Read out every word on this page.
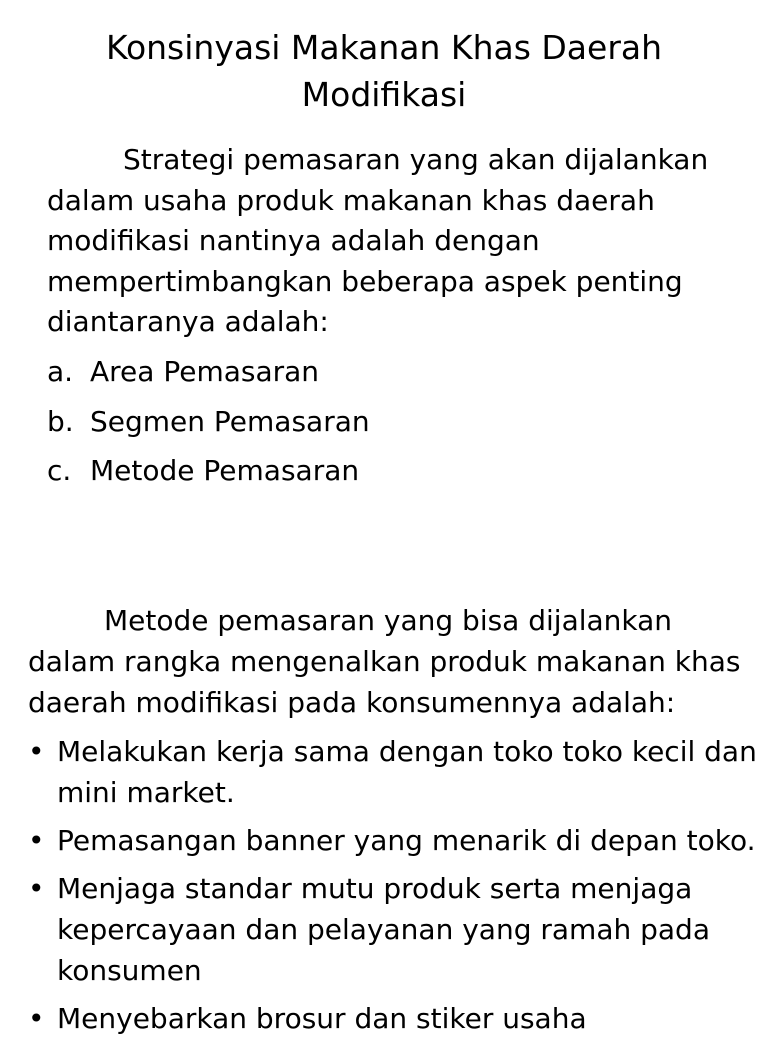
Konsinyasi Makanan Khas Daerah
Modifikasi

Strategi pemasaran yang akan dijalankan dalam usaha produk makanan khas daerah modifikasi nantinya adalah dengan mempertimbangkan beberapa aspek penting diantaranya adalah:

a. Area Pemasaran
b. Segmen Pemasaran
c. Metode Pemasaran

Metode pemasaran yang bisa dijalankan dalam rangka mengenalkan produk makanan khas daerah modifikasi pada konsumennya adalah:

• Melakukan kerja sama dengan toko toko kecil dan mini market.
• Pemasangan banner yang menarik di depan toko.
• Menjaga standar mutu produk serta menjaga kepercayaan dan pelayanan yang ramah pada konsumen
• Menyebarkan brosur dan stiker usaha
